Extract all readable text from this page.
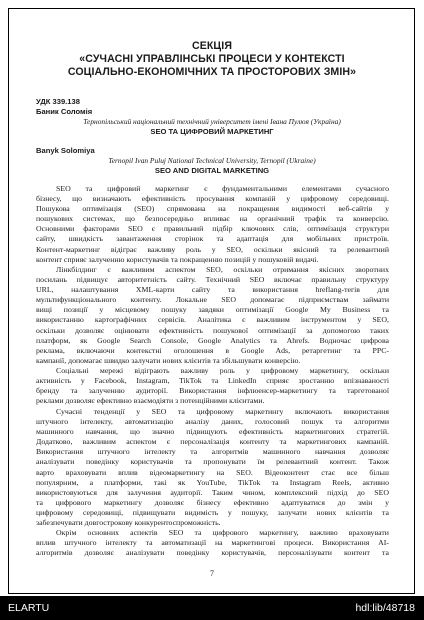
СЕКЦІЯ
«СУЧАСНІ УПРАВЛІНСЬКІ ПРОЦЕСИ У КОНТЕКСТІ
СОЦІАЛЬНО-ЕКОНОМІЧНИХ ТА ПРОСТОРОВИХ ЗМІН»
УДК 339.138
Баник Соломія
Тернопільський національний технічний університет імені Івана Пулюя (Україна)
SEO ТА ЦИФРОВИЙ МАРКЕТИНГ
Banyk Solomiya
Ternopil Ivan Puluj National Technical University, Ternopil (Ukraine)
SEO AND DIGITAL MARKETING
SEO та цифровий маркетинг є фундаментальними елементами сучасного
бізнесу, що визначають ефективність просування компаній у цифровому середовищі.
Пошукова оптимізація (SEO) спрямована на покращення видимості веб-сайтів у
пошукових системах, що безпосередньо впливає на органічний трафік та конверсію.
Основними факторами SEO є правильний підбір ключових слів, оптимізація структури
сайту, швидкість завантаження сторінок та адаптація для мобільних пристроїв.
Контент-маркетинг відіграє важливу роль у SEO, оскільки якісний та релевантний
контент сприяє залученню користувачів та покращенню позицій у пошуковій видачі.
Лінкбілдинг є важливим аспектом SEO, оскільки отримання якісних зворотних
посилань підвищує авторитетність сайту. Технічний SEO включає правильну структуру
URL, налаштування XML-карти сайту та використання hreflang-тегів для
мультифункціонального контенту. Локальне SEO допомагає підприємствам займати
вищі позиції у місцевому пошуку завдяки оптимізації Google My Business та
використанню картографічних сервісів. Аналітика є важливим інструментом у SEO,
оскільки дозволяє оцінювати ефективність пошукової оптимізації за допомогою таких
платформ, як Google Search Console, Google Analytics та Ahrefs. Водночас цифрова
реклама, включаючи контекстні оголошення в Google Ads, ретаргетинг та PPC-
кампанії, допомагає швидко залучати нових клієнтів та збільшувати конверсію.
Соціальні мережі відіграють важливу роль у цифровому маркетингу, оскільки
активність у Facebook, Instagram, TikTok та LinkedIn сприяє зростанню впізнаваності
бренду та залученню аудиторії. Використання інфлюенсер-маркетингу та таргетованої
реклами дозволяє ефективно взаємодіяти з потенційними клієнтами.
Сучасні тенденції у SEO та цифровому маркетингу включають використання
штучного інтелекту, автоматизацію аналізу даних, голосовий пошук та алгоритми
машинного навчання, що значно підвищують ефективність маркетингових стратегій.
Додатково, важливим аспектом є персоналізація контенту та маркетингових кампаній.
Використання штучного інтелекту та алгоритмів машинного навчання дозволяє
аналізувати поведінку користувачів та пропонувати їм релевантний контент. Також
варто враховувати вплив відеомаркетингу на SEO. Відеоконтент стає все більш
популярним, а платформи, такі як YouTube, TikTok та Instagram Reels, активно
використовуються для залучення аудиторії. Таким чином, комплексний підхід до SEO
та цифрового маркетингу дозволяє бізнесу ефективно адаптуватися до змін у
цифровому середовищі, підвищувати видимість у пошуку, залучати нових клієнтів та
забезпечувати довгострокову конкурентоспроможність.
Окрім основних аспектів SEO та цифрового маркетингу, важливо враховувати
вплив штучного інтелекту та автоматизації на маркетингові процеси. Використання AI-
алгоритмів дозволяє аналізувати поведінку користувачів, персоналізувати контент та
7
ELARTU	hdl:lib/48718
